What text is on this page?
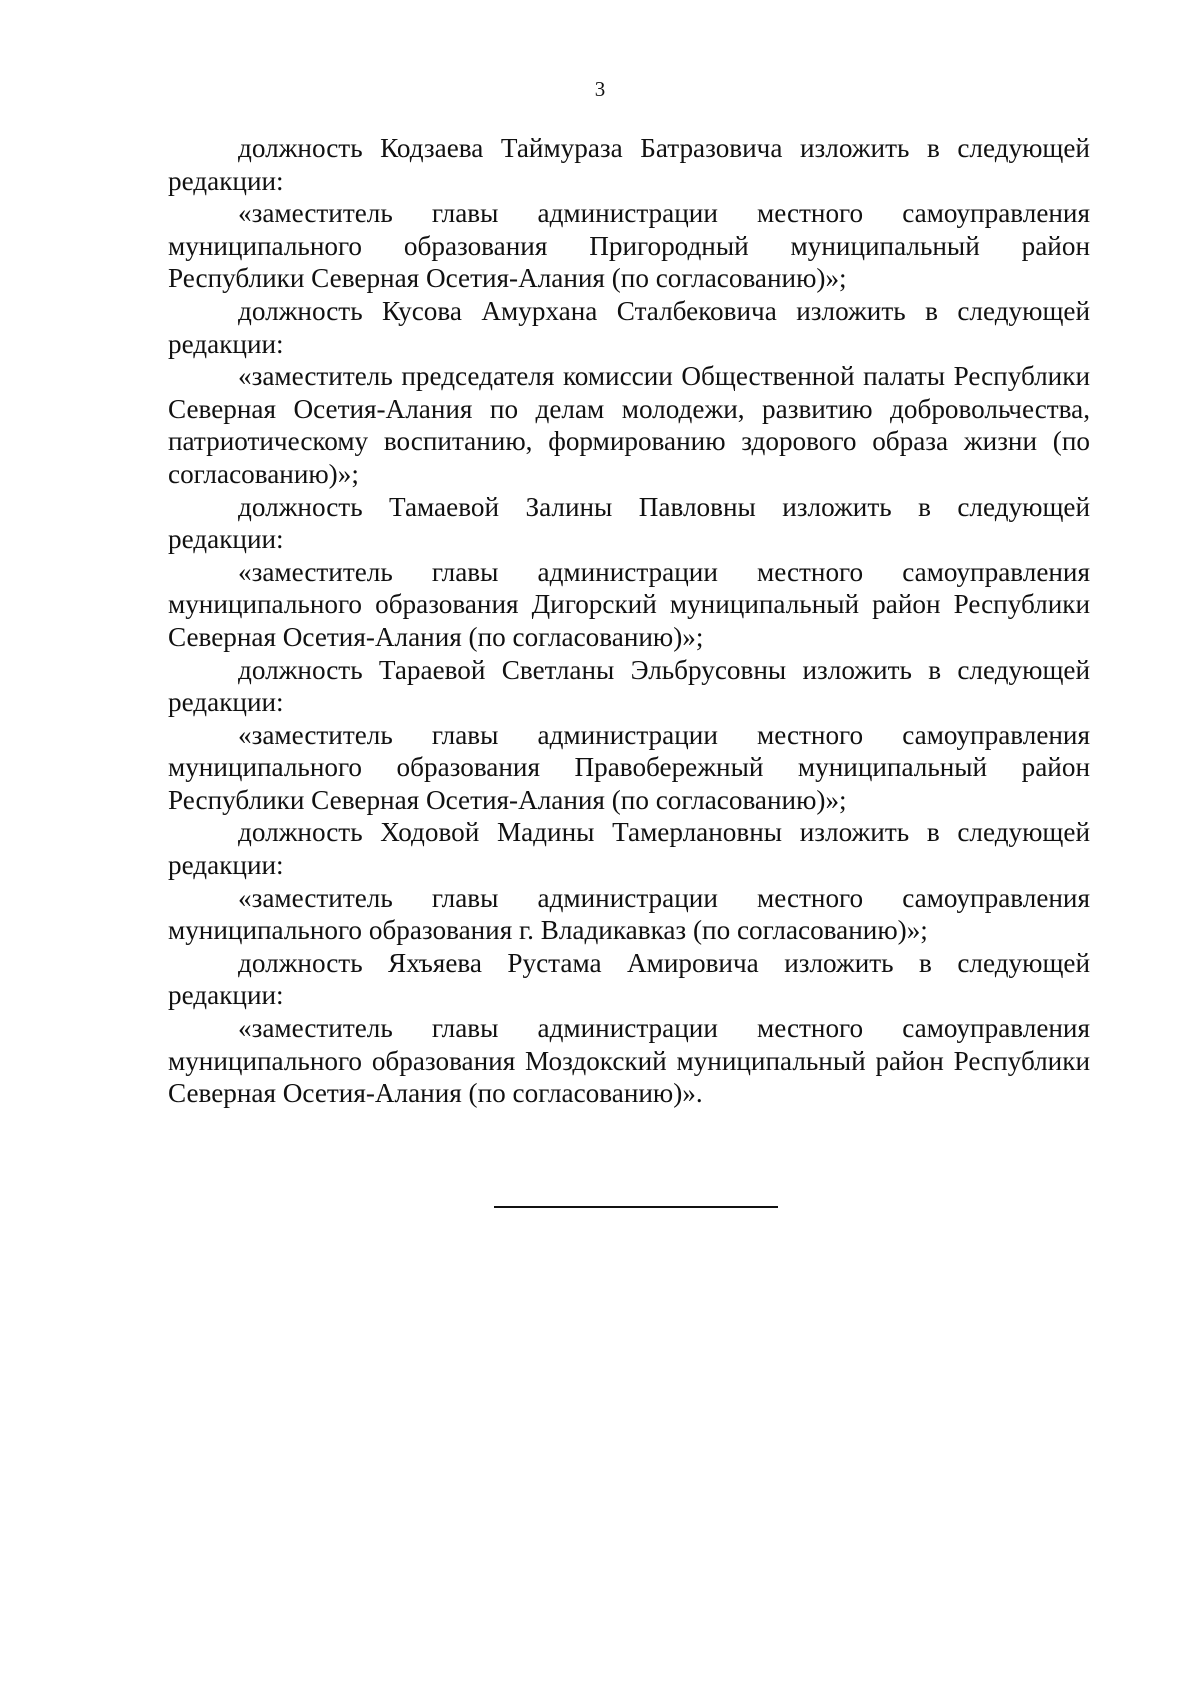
3

должность Кодзаева Таймураза Батразовича изложить в следующей редакции:

«заместитель главы администрации местного самоуправления муниципального образования Пригородный муниципальный район Республики Северная Осетия-Алания (по согласованию)»;

должность Кусова Амурхана Сталбековича изложить в следующей редакции:

«заместитель председателя комиссии Общественной палаты Республики Северная Осетия-Алания по делам молодежи, развитию добровольчества, патриотическому воспитанию, формированию здорового образа жизни (по согласованию)»;

должность Тамаевой Залины Павловны изложить в следующей редакции:

«заместитель главы администрации местного самоуправления муниципального образования Дигорский муниципальный район Республики Северная Осетия-Алания (по согласованию)»;

должность Тараевой Светланы Эльбрусовны изложить в следующей редакции:

«заместитель главы администрации местного самоуправления муниципального образования Правобережный муниципальный район Республики Северная Осетия-Алания (по согласованию)»;

должность Ходовой Мадины Тамерлановны изложить в следующей редакции:

«заместитель главы администрации местного самоуправления муниципального образования г. Владикавказ (по согласованию)»;

должность Яхъяева Рустама Амировича изложить в следующей редакции:

«заместитель главы администрации местного самоуправления муниципального образования Моздокский муниципальный район Республики Северная Осетия-Алания (по согласованию)».
